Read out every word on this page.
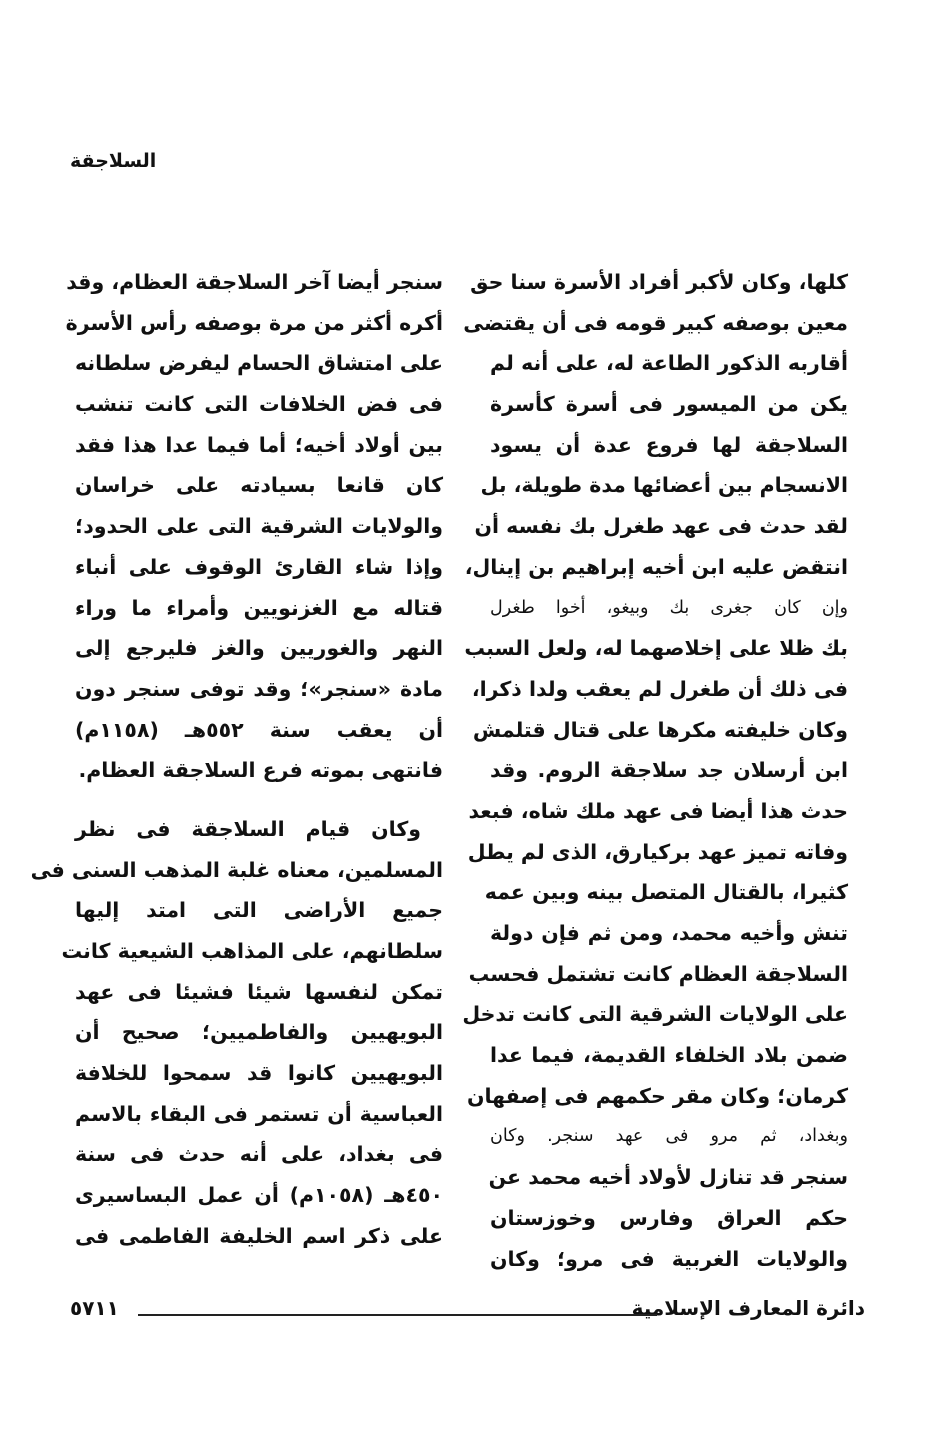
السلاجقة
كلها، وكان لأكبر أفراد الأسرة سنا حق
معين بوصفه كبير قومه فى أن يقتضى
أقاربه الذكور الطاعة له، على أنه لم
يكن من الميسور فى أسرة كأسرة
السلاجقة لها فروع عدة أن يسود
الانسجام بين أعضائها مدة طويلة، بل
لقد حدث فى عهد طغرل بك نفسه أن
انتقض عليه ابن أخيه إبراهيم بن إينال،
وإن كان جغرى بك وبيغو، أخوا طغرل
بك ظلا على إخلاصهما له، ولعل السبب
فى ذلك أن طغرل لم يعقب ولدا ذكرا،
وكان خليفته مكرها على قتال قتلمش
ابن أرسلان جد سلاجقة الروم. وقد
حدث هذا أيضا فى عهد ملك شاه، فبعد
وفاته تميز عهد بركيارق، الذى لم يطل
كثيرا، بالقتال المتصل بينه وبين عمه
تنش وأخيه محمد، ومن ثم فإن دولة
السلاجقة العظام كانت تشتمل فحسب
على الولايات الشرقية التى كانت تدخل
ضمن بلاد الخلفاء القديمة، فيما عدا
كرمان؛ وكان مقر حكمهم فى إصفهان
وبغداد، ثم مرو فى عهد سنجر. وكان
سنجر قد تنازل لأولاد أخيه محمد عن
حكم العراق وفارس وخوزستان
والولايات الغربية فى مرو؛ وكان
سنجر أيضا آخر السلاجقة العظام، وقد
أكره أكثر من مرة بوصفه رأس الأسرة
على امتشاق الحسام ليفرض سلطانه
فى فض الخلافات التى كانت تنشب
بين أولاد أخيه؛ أما فيما عدا هذا فقد
كان قانعا بسيادته على خراسان
والولايات الشرقية التى على الحدود؛
وإذا شاء القارئ الوقوف على أنباء
قتاله مع الغزنويين وأمراء ما وراء
النهر والغوريين والغز فليرجع إلى
مادة «سنجر»؛ وقد توفى سنجر دون
أن يعقب سنة ٥٥٢هـ (١١٥٨م)
فانتهى بموته فرع السلاجقة العظام.
وكان قيام السلاجقة فى نظر
المسلمين، معناه غلبة المذهب السنى فى
جميع الأراضى التى امتد إليها
سلطانهم، على المذاهب الشيعية كانت
تمكن لنفسها شيئا فشيئا فى عهد
البويهيين والفاطميين؛ صحيح أن
البويهيين كانوا قد سمحوا للخلافة
العباسية أن تستمر فى البقاء بالاسم
فى بغداد، على أنه حدث فى سنة
٤٥٠هـ (١٠٥٨م) أن عمل البساسيرى
على ذكر اسم الخليفة الفاطمى فى
دائرة المعارف الإسلامية
٥٧١١
